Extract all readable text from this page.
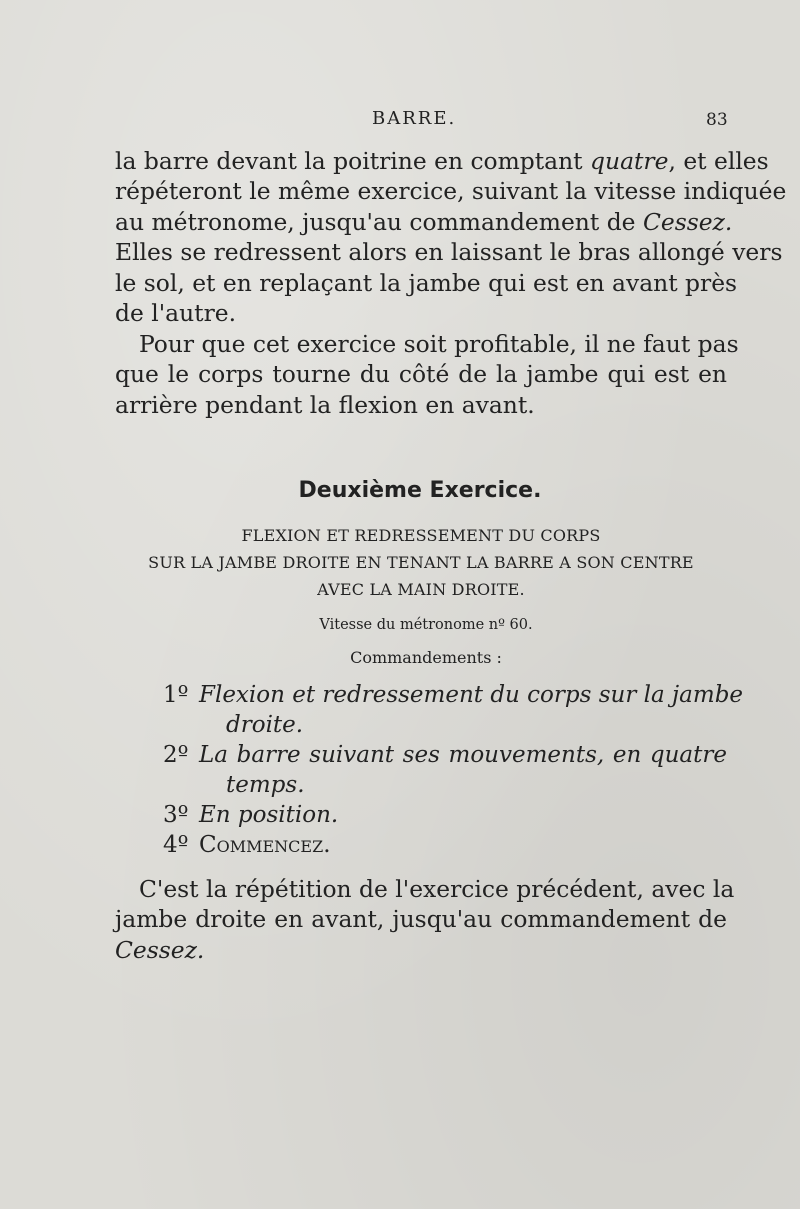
BARRE.	83

la barre devant la poitrine en comptant quatre, et elles
répéteront le même exercice, suivant la vitesse indiquée
au métronome, jusqu'au commandement de Cessez.
Elles se redressent alors en laissant le bras allongé vers
le sol, et en replaçant la jambe qui est en avant près
de l'autre.

Pour que cet exercice soit profitable, il ne faut pas
que le corps tourne du côté de la jambe qui est en
arrière pendant la flexion en avant.

Deuxième Exercice.
FLEXION ET REDRESSEMENT DU CORPS
SUR LA JAMBE DROITE EN TENANT LA BARRE A SON CENTRE
AVEC LA MAIN DROITE.
Vitesse du métronome nº 60.
Commandements :
1º Flexion et redressement du corps sur la jambe
droite.
2º La barre suivant ses mouvements, en quatre
temps.
3º En position.
4º Commencez.

C'est la répétition de l'exercice précédent, avec la
jambe droite en avant, jusqu'au commandement de
Cessez.
